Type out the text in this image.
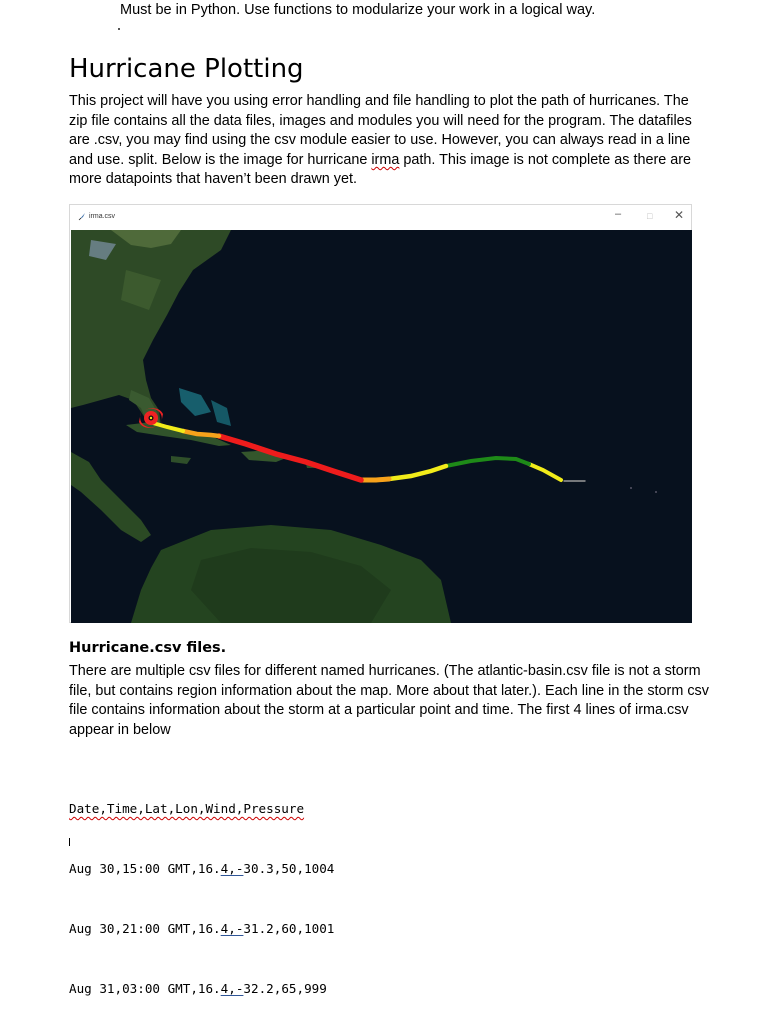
Must be in Python. Use functions to modularize your work in a logical way.
Hurricane Plotting
This project will have you using error handling and file handling to plot the path of hurricanes. The zip file contains all the data files, images and modules you will need for the program. The datafiles are .csv, you may find using the csv module easier to use. However, you can always read in a line and use. split. Below is the image for hurricane irma path. This image is not complete as there are more datapoints that haven’t been drawn yet.
irma.csv	–	□ ✕
Hurricane.csv files.
There are multiple csv files for different named hurricanes. (The atlantic-basin.csv file is not a storm file, but contains region information about the map. More about that later.). Each line in the storm csv file contains information about the storm at a particular point and time. The first 4 lines of irma.csv appear in below

Date,Time,Lat,Lon,Wind,Pressure

Aug 30,15:00 GMT,16.4,-30.3,50,1004

Aug 30,21:00 GMT,16.4,-31.2,60,1001

Aug 31,03:00 GMT,16.4,-32.2,65,999
